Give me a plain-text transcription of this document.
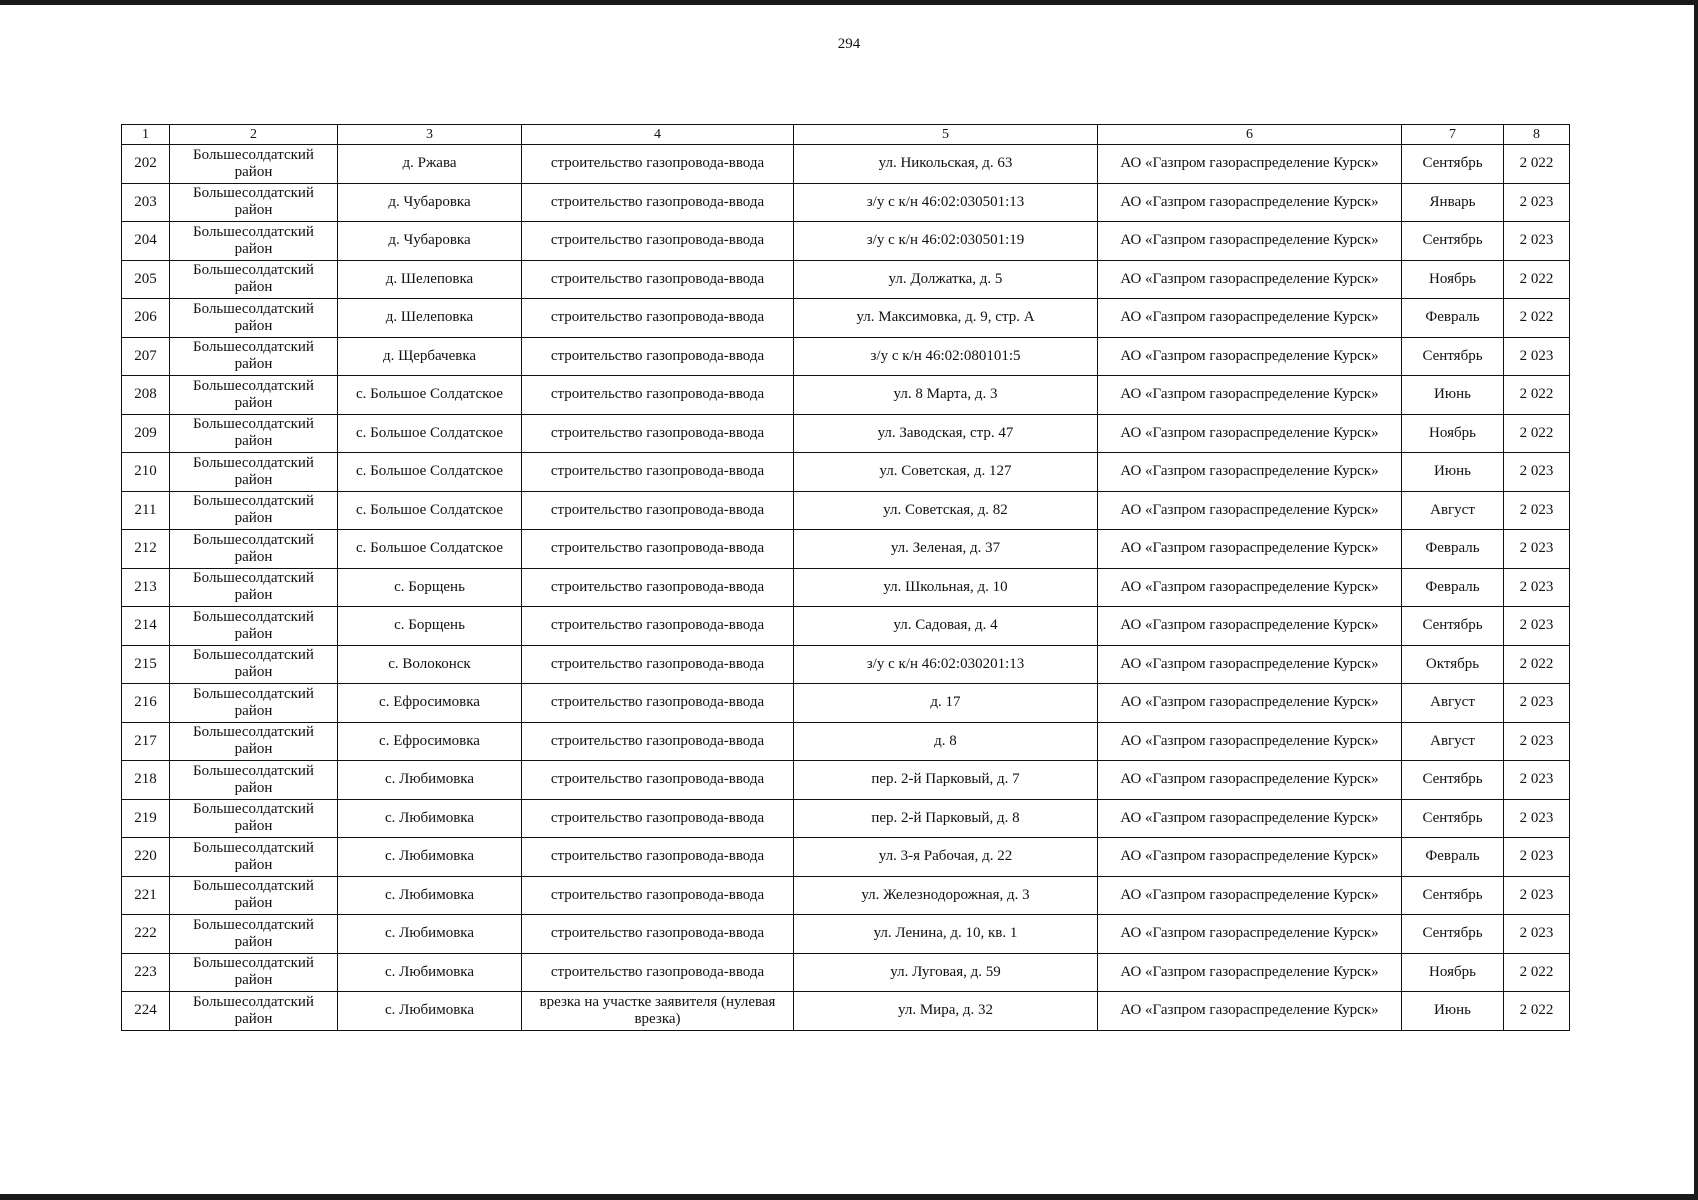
294
1	2	3	4	5	6	7	8
202	Большесолдатский район	д. Ржава	строительство газопровода-ввода	ул. Никольская, д. 63	АО «Газпром газораспределение Курск»	Сентябрь	2 022
203	Большесолдатский район	д. Чубаровка	строительство газопровода-ввода	з/у с к/н 46:02:030501:13	АО «Газпром газораспределение Курск»	Январь	2 023
204	Большесолдатский район	д. Чубаровка	строительство газопровода-ввода	з/у с к/н 46:02:030501:19	АО «Газпром газораспределение Курск»	Сентябрь	2 023
205	Большесолдатский район	д. Шелеповка	строительство газопровода-ввода	ул. Должатка, д. 5	АО «Газпром газораспределение Курск»	Ноябрь	2 022
206	Большесолдатский район	д. Шелеповка	строительство газопровода-ввода	ул. Максимовка, д. 9, стр. А	АО «Газпром газораспределение Курск»	Февраль	2 022
207	Большесолдатский район	д. Щербачевка	строительство газопровода-ввода	з/у с к/н 46:02:080101:5	АО «Газпром газораспределение Курск»	Сентябрь	2 023
208	Большесолдатский район	с. Большое Солдатское	строительство газопровода-ввода	ул. 8 Марта, д. 3	АО «Газпром газораспределение Курск»	Июнь	2 022
209	Большесолдатский район	с. Большое Солдатское	строительство газопровода-ввода	ул. Заводская, стр. 47	АО «Газпром газораспределение Курск»	Ноябрь	2 022
210	Большесолдатский район	с. Большое Солдатское	строительство газопровода-ввода	ул. Советская, д. 127	АО «Газпром газораспределение Курск»	Июнь	2 023
211	Большесолдатский район	с. Большое Солдатское	строительство газопровода-ввода	ул. Советская, д. 82	АО «Газпром газораспределение Курск»	Август	2 023
212	Большесолдатский район	с. Большое Солдатское	строительство газопровода-ввода	ул. Зеленая, д. 37	АО «Газпром газораспределение Курск»	Февраль	2 023
213	Большесолдатский район	с. Борщень	строительство газопровода-ввода	ул. Школьная, д. 10	АО «Газпром газораспределение Курск»	Февраль	2 023
214	Большесолдатский район	с. Борщень	строительство газопровода-ввода	ул. Садовая, д. 4	АО «Газпром газораспределение Курск»	Сентябрь	2 023
215	Большесолдатский район	с. Волоконск	строительство газопровода-ввода	з/у с к/н 46:02:030201:13	АО «Газпром газораспределение Курск»	Октябрь	2 022
216	Большесолдатский район	с. Ефросимовка	строительство газопровода-ввода	д. 17	АО «Газпром газораспределение Курск»	Август	2 023
217	Большесолдатский район	с. Ефросимовка	строительство газопровода-ввода	д. 8	АО «Газпром газораспределение Курск»	Август	2 023
218	Большесолдатский район	с. Любимовка	строительство газопровода-ввода	пер. 2-й Парковый, д. 7	АО «Газпром газораспределение Курск»	Сентябрь	2 023
219	Большесолдатский район	с. Любимовка	строительство газопровода-ввода	пер. 2-й Парковый, д. 8	АО «Газпром газораспределение Курск»	Сентябрь	2 023
220	Большесолдатский район	с. Любимовка	строительство газопровода-ввода	ул. 3-я Рабочая, д. 22	АО «Газпром газораспределение Курск»	Февраль	2 023
221	Большесолдатский район	с. Любимовка	строительство газопровода-ввода	ул. Железнодорожная, д. 3	АО «Газпром газораспределение Курск»	Сентябрь	2 023
222	Большесолдатский район	с. Любимовка	строительство газопровода-ввода	ул. Ленина, д. 10, кв. 1	АО «Газпром газораспределение Курск»	Сентябрь	2 023
223	Большесолдатский район	с. Любимовка	строительство газопровода-ввода	ул. Луговая, д. 59	АО «Газпром газораспределение Курск»	Ноябрь	2 022
224	Большесолдатский район	с. Любимовка	врезка на участке заявителя (нулевая врезка)	ул. Мира, д. 32	АО «Газпром газораспределение Курск»	Июнь	2 022
